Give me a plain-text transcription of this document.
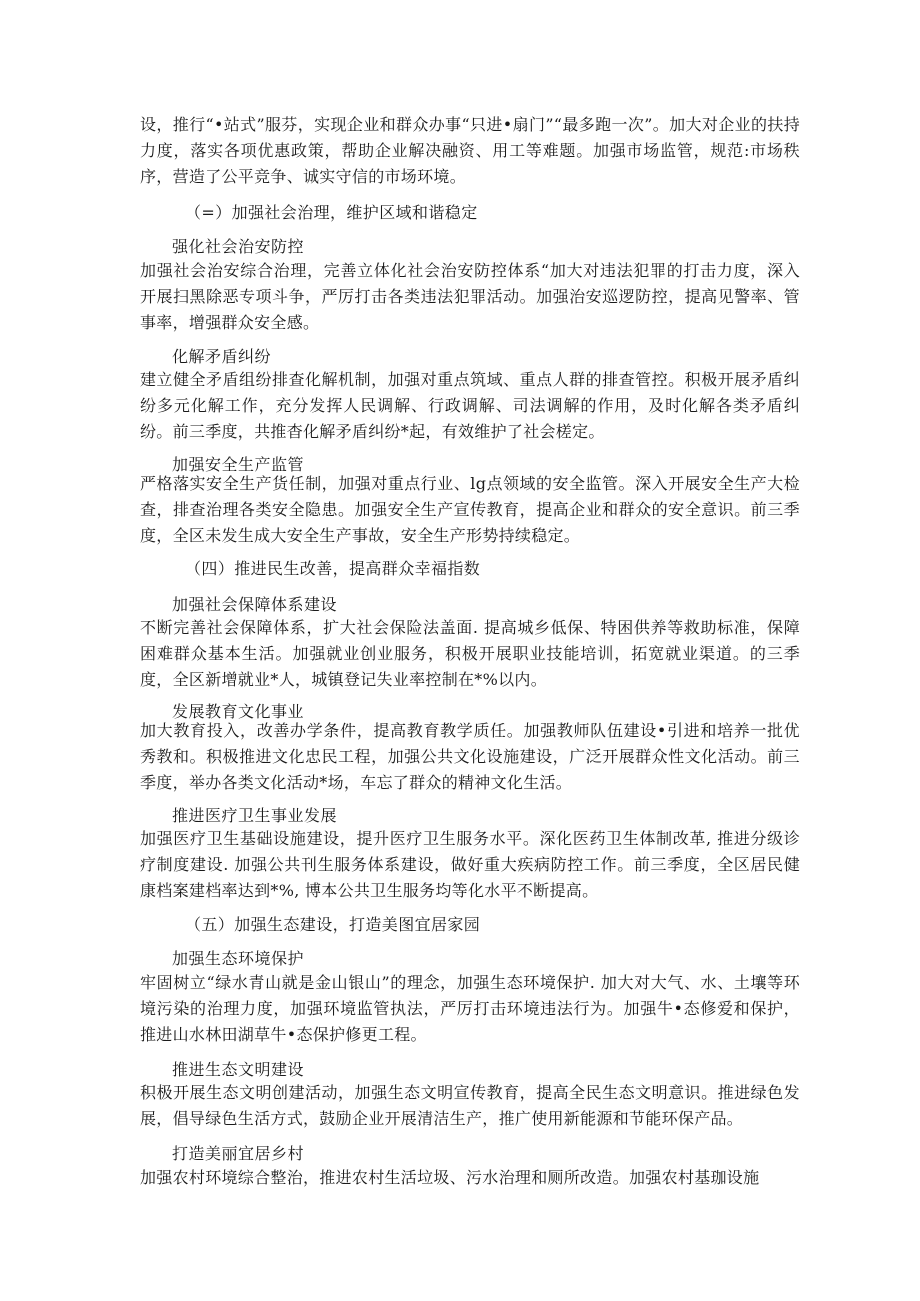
设，推行“•站式”服芬，实现企业和群众办事“只进•扇门”“最多跑一次”。加大对企业的扶持力度，落实各项优惠政策，帮助企业解决融资、用工等难题。加强市场监管，规范:市场秩序，营造了公平竞争、诚实守信的市场环境。
（=）加强社会治理，维护区域和谐稳定
强化社会治安防控
加强社会治安综合治理，完善立体化社会治安防控体系“加大对违法犯罪的打击力度，深入开展扫黑除恶专项斗争，严厉打击各类违法犯罪活动。加强治安巡逻防控，提高见警率、管事率，增强群众安全感。
化解矛盾纠纷
建立健全矛盾组纷排查化解机制，加强对重点筑域、重点人群的排查管控。积极开展矛盾纠纷多元化解工作，充分发挥人民调解、行政调解、司法调解的作用，及时化解各类矛盾纠纷。前三季度，共推杳化解矛盾纠纷*起，有效维护了社会槎定。
加强安全生产监管
严格落实安全生产货任制，加强对重点行业、lg点领域的安全监管。深入开展安全生产大检查，排查治理各类安全隐患。加强安全生产宣传教育，提高企业和群众的安全意识。前三季度，全区未发生成大安全生产事故，安全生产形势持续稳定。
（四）推进民生改善，提高群众幸福指数
加强社会保障体系建设
不断完善社会保障体系，扩大社会保险法盖面. 提高城乡低保、特困供养等救助标准，保障困难群众基本生活。加强就业创业服务，积极开展职业技能培训，拓宽就业渠道。的三季度，全区新增就业*人，城镇登记失业率控制在*%以内。
发展教育文化事业
加大教育投入，改善办学条件，提高教育教学质任。加强教师队伍建设•引进和培养一批优秀教和。积极推进文化忠民工程，加强公共文化设施建设，广泛开展群众性文化活动。前三季度，举办各类文化活动*场，车忘了群众的精神文化生活。
推进医疗卫生事业发展
加强医疗卫生基础设施建设，提升医疗卫生服务水平。深化医药卫生体制改革, 推进分级诊疗制度建设. 加强公共刊生服务体系建设，做好重大疾病防控工作。前三季度，全区居民健康档案建档率达到*%, 博本公共卫生服务均等化水平不断提高。
（五）加强生态建设，打造美图宜居家园
加强生态环境保护
牢固树立“绿水青山就是金山银山”的理念，加强生态环境保护. 加大对大气、水、土壤等环境污染的治理力度，加强环境监管执法，严厉打击环境违法行为。加强牛•态修爱和保护，推进山水林田湖草牛•态保护修更工程。
推进生态文明建设
积极开展生态文明创建活动，加强生态文明宣传教育，提高全民生态文明意识。推进绿色发展，倡导绿色生活方式，鼓励企业开展清洁生产，推广使用新能源和节能环保产品。
打造美丽宜居乡村
加强农村环境综合整治，推进农村生活垃圾、污水治理和厕所改造。加强农村基珈设施
